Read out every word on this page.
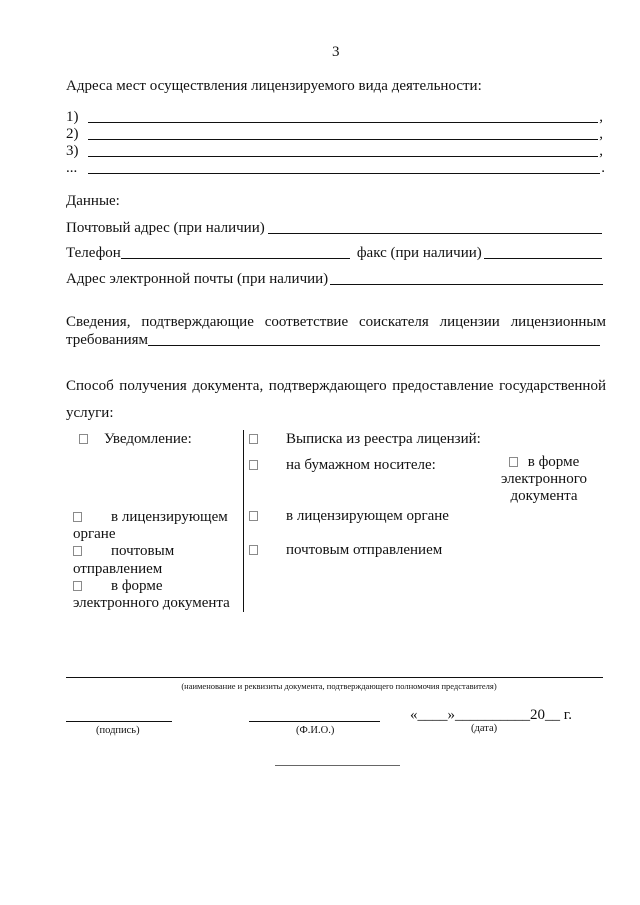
3
Адреса мест осуществления лицензируемого вида деятельности:
1)	,
2)	,
3)	,
...	.
Данные:
Почтовый адрес (при наличии)
Телефон	факс (при наличии)
Адрес электронной почты (при наличии)
Сведения, подтверждающие соответствие соискателя лицензии лицензионным
требованиям
Способ получения документа, подтверждающего предоставление государственной
услуги:
Уведомление:

в лицензирующем органе

почтовым отправлением

в форме электронного документа

Выписка из реестра лицензий:
на бумажном носителе:	в форме электронного документа
в лицензирующем органе
почтовым отправлением
(наименование и реквизиты документа, подтверждающего полномочия представителя)
(подпись)	(Ф.И.О.)
«____»__________20__ г.
(дата)
